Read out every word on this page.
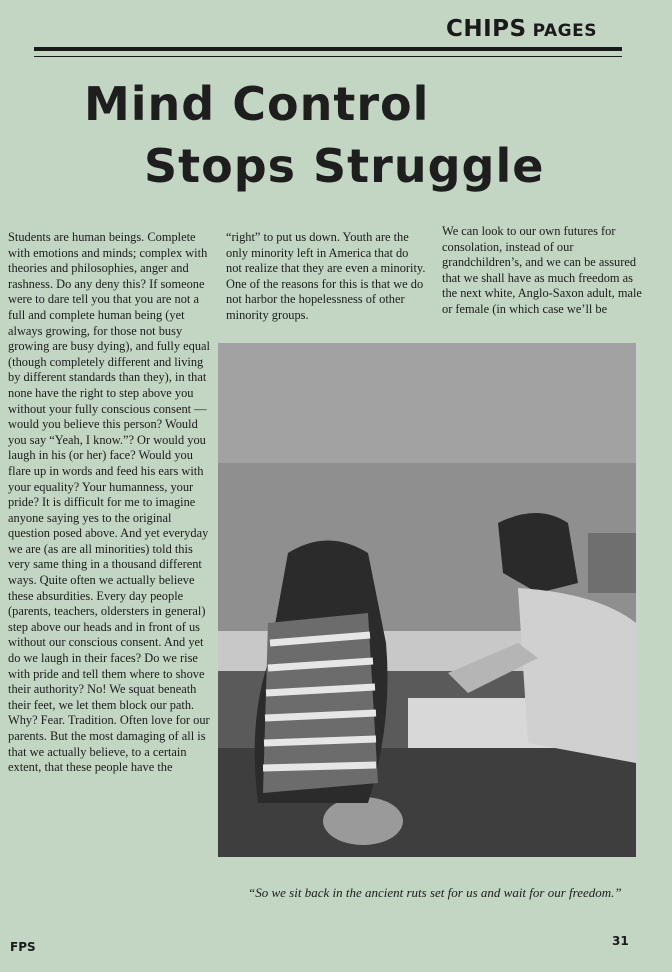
CHIPS PAGES
Mind Control
Stops Struggle

Students are human beings. Complete with emotions and minds; complex with theories and philosophies, anger and rashness. Do any deny this? If someone were to dare tell you that you are not a full and complete human being (yet always growing, for those not busy growing are busy dying), and fully equal (though completely different and living by different standards than they), in that none have the right to step above you without your fully conscious consent — would you believe this person? Would you say “Yeah, I know.”? Or would you laugh in his (or her) face? Would you flare up in words and feed his ears with your equality? Your humanness, your pride? It is difficult for me to imagine anyone saying yes to the original question posed above. And yet everyday we are (as are all minorities) told this very same thing in a thousand different ways. Quite often we actually believe these absurdities. Every day people (parents, teachers, oldersters in general) step above our heads and in front of us without our conscious consent. And yet do we laugh in their faces? Do we rise with pride and tell them where to shove their authority? No! We squat beneath their feet, we let them block our path. Why? Fear. Tradition. Often love for our parents. But the most damaging of all is that we actually believe, to a certain extent, that these people have the

“right” to put us down. Youth are the only minority left in America that do not realize that they are even a minority. One of the reasons for this is that we do not harbor the hopelessness of other minority groups.

We can look to our own futures for consolation, instead of our grandchildren’s, and we can be assured that we shall have as much freedom as the next white, Anglo-Saxon adult, male or female (in which case we’ll be

“So we sit back in the ancient ruts set for us and wait for our freedom.”

FPS	31
